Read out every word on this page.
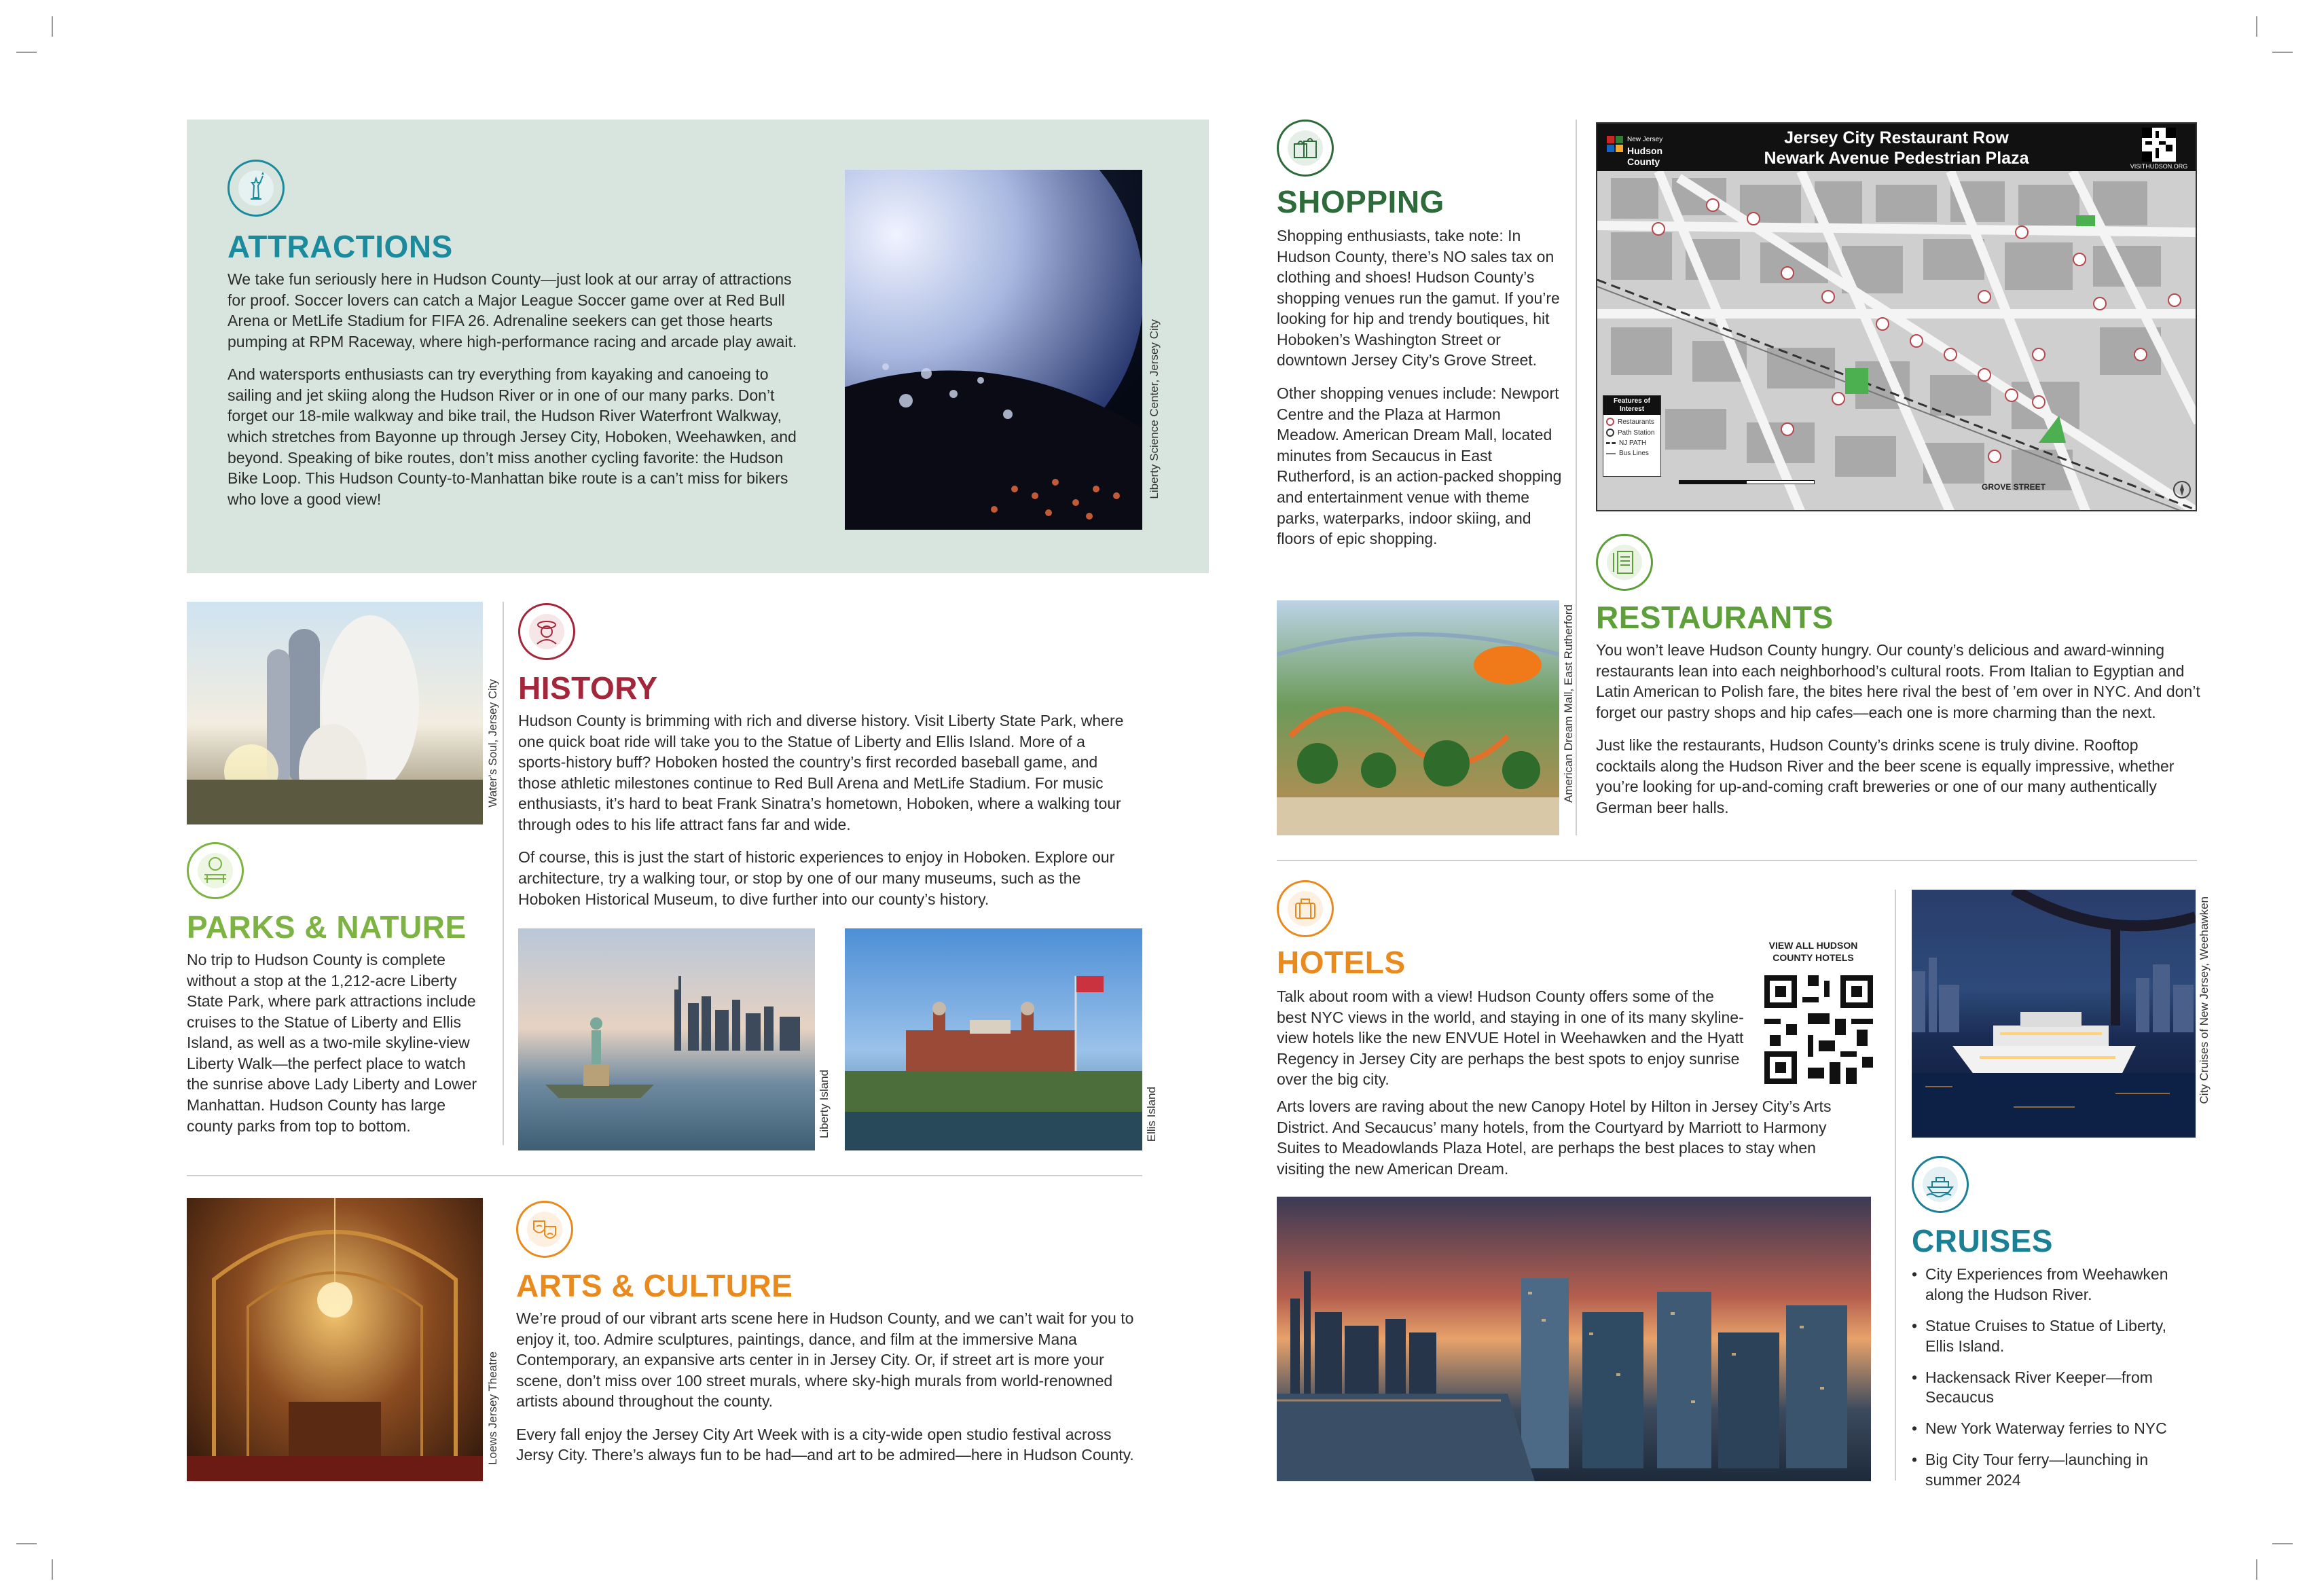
ATTRACTIONS

We take fun seriously here in Hudson County—just look at our array of attractions for proof. Soccer lovers can catch a Major League Soccer game over at Red Bull Arena or MetLife Stadium for FIFA 26. Adrenaline seekers can get those hearts pumping at RPM Raceway, where high-performance racing and arcade play await.

And watersports enthusiasts can try everything from kayaking and canoeing to sailing and jet skiing along the Hudson River or in one of our many parks. Don’t forget our 18-mile walkway and bike trail, the Hudson River Waterfront Walkway, which stretches from Bayonne up through Jersey City, Hoboken, Weehawken, and beyond. Speaking of bike routes, don’t miss another cycling favorite: the Hudson Bike Loop. This Hudson County-to-Manhattan bike route is a can’t miss for bikers who love a good view!

Liberty Science Center, Jersey City
Water's Soul, Jersey City HISTORY

Hudson County is brimming with rich and diverse history. Visit Liberty State Park, where one quick boat ride will take you to the Statue of Liberty and Ellis Island. More of a sports-history buff? Hoboken hosted the country’s first recorded baseball game, and those athletic milestones continue to Red Bull Arena and MetLife Stadium. For music enthusiasts, it’s hard to beat Frank Sinatra’s hometown, Hoboken, where a walking tour through odes to his life attract fans far and wide.

Of course, this is just the start of historic experiences to enjoy in Hoboken. Explore our architecture, try a walking tour, or stop by one of our many museums, such as the Hoboken Historical Museum, to dive further into our county’s history.

Liberty Island	Ellis Island
PARKS & NATURE
No trip to Hudson County is complete without a stop at the 1,212-acre Liberty State Park, where park attractions include cruises to the Statue of Liberty and Ellis Island, as well as a two-mile skyline-view Liberty Walk—the perfect place to watch the sunrise above Lady Liberty and Lower Manhattan. Hudson County has large county parks from top to bottom.
Loews Jersey Theatre
ARTS & CULTURE

We’re proud of our vibrant arts scene here in Hudson County, and we can’t wait for you to enjoy it, too. Admire sculptures, paintings, dance, and film at the immersive Mana Contemporary, an expansive arts center in in Jersey City. Or, if street art is more your scene, don’t miss over 100 street murals, where sky-high murals from world-renowned artists abound throughout the county.

Every fall enjoy the Jersey City Art Week with is a city-wide open studio festival across Jersy City. There’s always fun to be had—and art to be admired—here in Hudson County.

SHOPPING

Shopping enthusiasts, take note: In Hudson County, there’s NO sales tax on clothing and shoes! Hudson County’s shopping venues run the gamut. If you’re looking for hip and trendy boutiques, hit Hoboken’s Washington Street or downtown Jersey City’s Grove Street.

Other shopping venues include: Newport Centre and the Plaza at Harmon Meadow. American Dream Mall, located minutes from Secaucus in East Rutherford, is an action-packed shopping and entertainment venue with theme parks, waterparks, indoor skiing, and floors of epic shopping.

American Dream Mall, East Rutherford
Jersey City Restaurant Row
Newark Avenue Pedestrian Plaza
New Jersey
Hudson County	VISITHUDSON.ORG
Features of Interest
Restaurants
Path Station
NJ PATH
Bus Lines
GROVE STREET
RESTAURANTS

You won’t leave Hudson County hungry. Our county’s delicious and award-winning restaurants lean into each neighborhood’s cultural roots. From Italian to Egyptian and Latin American to Polish fare, the bites here rival the best of ’em over in NYC. And don’t forget our pastry shops and hip cafes—each one is more charming than the next.

Just like the restaurants, Hudson County’s drinks scene is truly divine. Rooftop cocktails along the Hudson River and the beer scene is equally impressive, whether you’re looking for up-and-coming craft breweries or one of our many authentically German beer halls.

HOTELS	VIEW ALL HUDSON COUNTY HOTELS
Talk about room with a view! Hudson County offers some of the best NYC views in the world, and staying in one of its many skyline-view hotels like the new ENVUE Hotel in Weehawken and the Hyatt Regency in Jersey City are perhaps the best spots to enjoy sunrise over the big city.
Arts lovers are raving about the new Canopy Hotel by Hilton in Jersey City’s Arts District. And Secaucus’ many hotels, from the Courtyard by Marriott to Harmony Suites to Meadowlands Plaza Hotel, are perhaps the best places to stay when visiting the new American Dream.
City Cruises of New Jersey, Weehawken
CRUISES
• City Experiences from Weehawken along the Hudson River.
• Statue Cruises to Statue of Liberty, Ellis Island.
• Hackensack River Keeper—from Secaucus
• New York Waterway ferries to NYC
• Big City Tour ferry—launching in summer 2024
